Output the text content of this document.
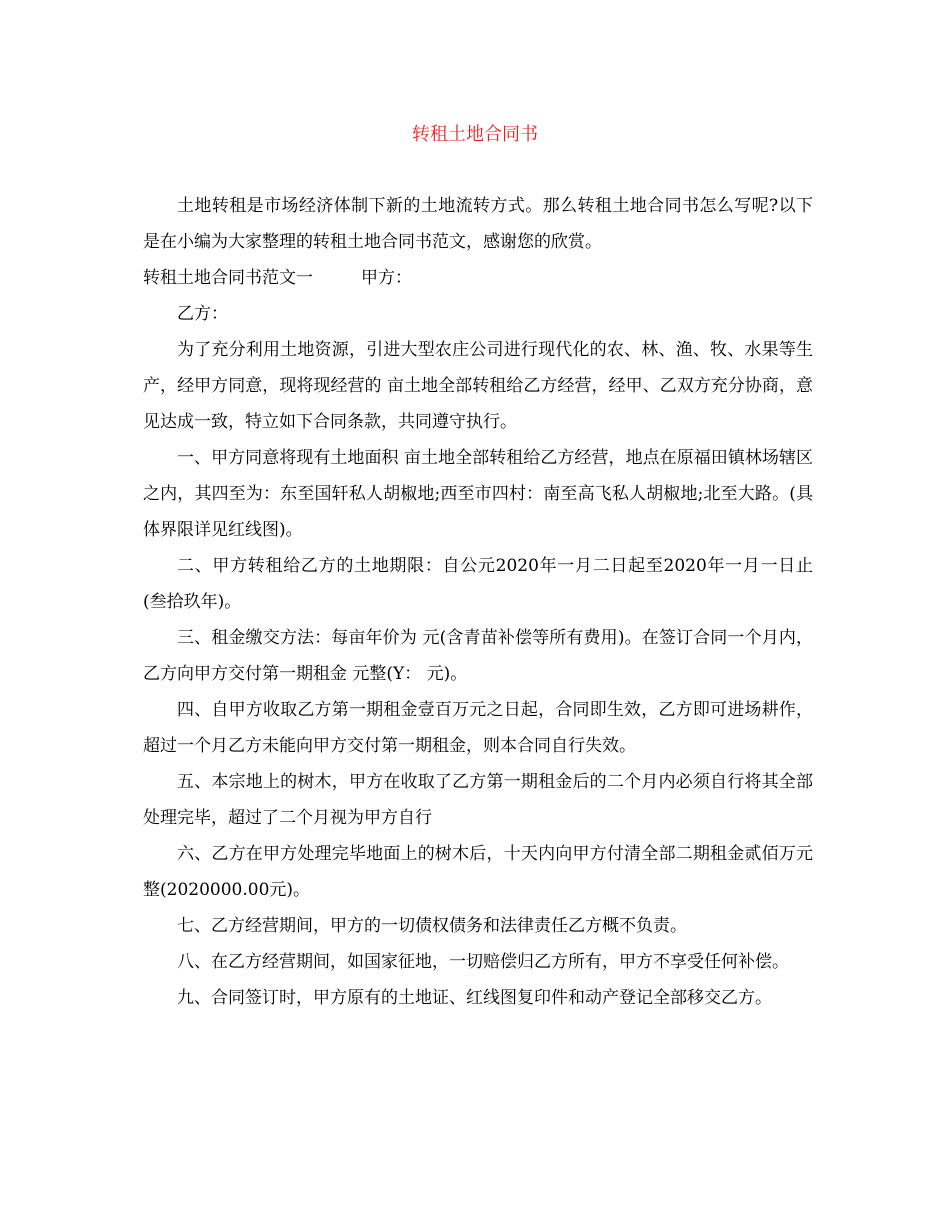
转租土地合同书

土地转租是市场经济体制下新的土地流转方式。那么转租土地合同书怎么写呢?以下是在小编为大家整理的转租土地合同书范文，感谢您的欣赏。

转租土地合同书范文一	甲方：

乙方：

为了充分利用土地资源，引进大型农庄公司进行现代化的农、林、渔、牧、水果等生产，经甲方同意，现将现经营的 亩土地全部转租给乙方经营，经甲、乙双方充分协商，意见达成一致，特立如下合同条款，共同遵守执行。

一、甲方同意将现有土地面积 亩土地全部转租给乙方经营，地点在原福田镇林场辖区之内，其四至为：东至国轩私人胡椒地;西至市四村：南至高飞私人胡椒地;北至大路。(具体界限详见红线图)。

二、甲方转租给乙方的土地期限：自公元2020年一月二日起至2020年一月一日止(叁拾玖年)。

三、租金缴交方法：每亩年价为 元(含青苗补偿等所有费用)。在签订合同一个月内，乙方向甲方交付第一期租金 元整(Y： 元)。

四、自甲方收取乙方第一期租金壹百万元之日起，合同即生效，乙方即可进场耕作，超过一个月乙方未能向甲方交付第一期租金，则本合同自行失效。

五、本宗地上的树木，甲方在收取了乙方第一期租金后的二个月内必须自行将其全部处理完毕，超过了二个月视为甲方自行

六、乙方在甲方处理完毕地面上的树木后，十天内向甲方付清全部二期租金贰佰万元整(2020000.00元)。

七、乙方经营期间，甲方的一切债权债务和法律责任乙方概不负责。

八、在乙方经营期间，如国家征地，一切赔偿归乙方所有，甲方不享受任何补偿。

九、合同签订时，甲方原有的土地证、红线图复印件和动产登记全部移交乙方。
